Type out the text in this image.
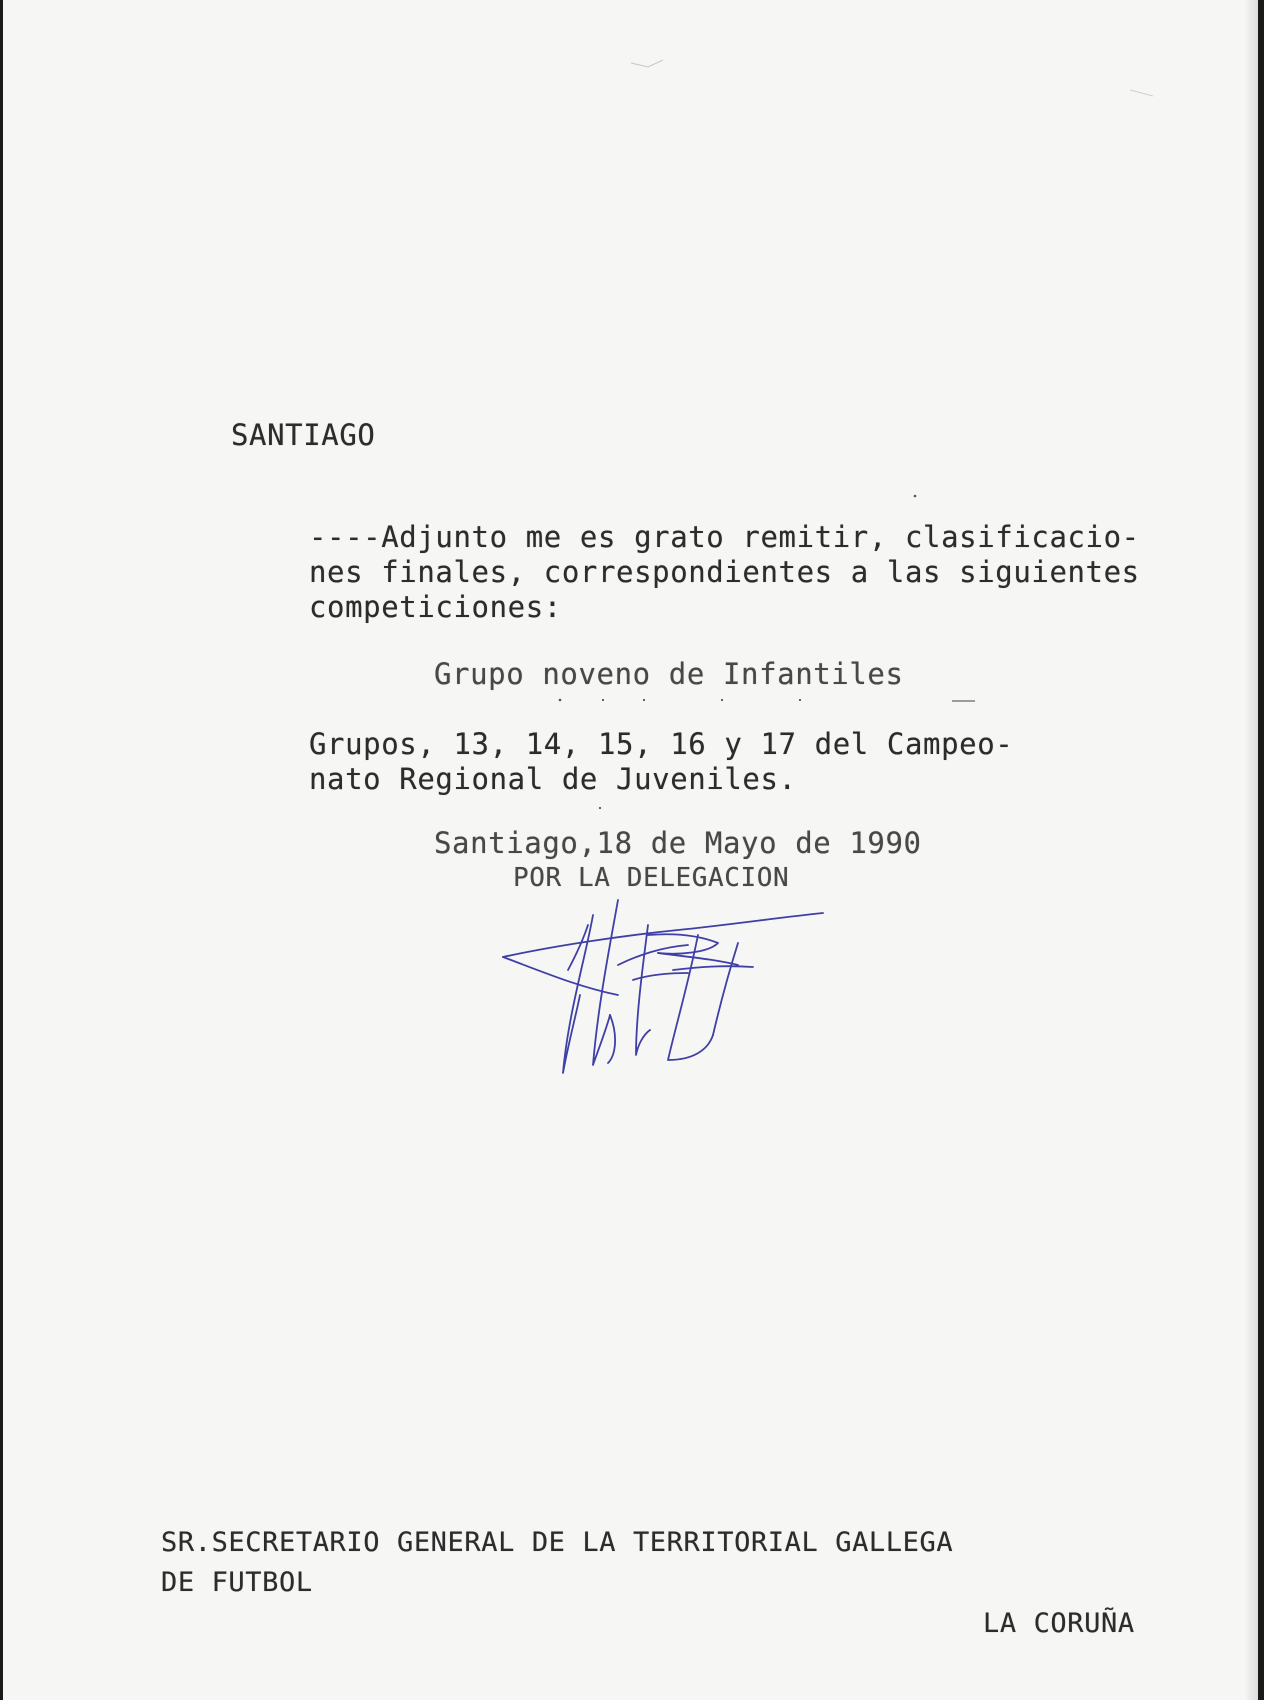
SANTIAGO
----Adjunto me es grato remitir, clasificacio-
nes finales, correspondientes a las siguientes
competiciones:
Grupo noveno de Infantiles
Grupos, 13, 14, 15, 16 y 17 del Campeo-
nato Regional de Juveniles.
Santiago,18 de Mayo de 1990
POR LA DELEGACION
SR.SECRETARIO GENERAL DE LA TERRITORIAL GALLEGA
DE FUTBOL
LA CORUÑA
